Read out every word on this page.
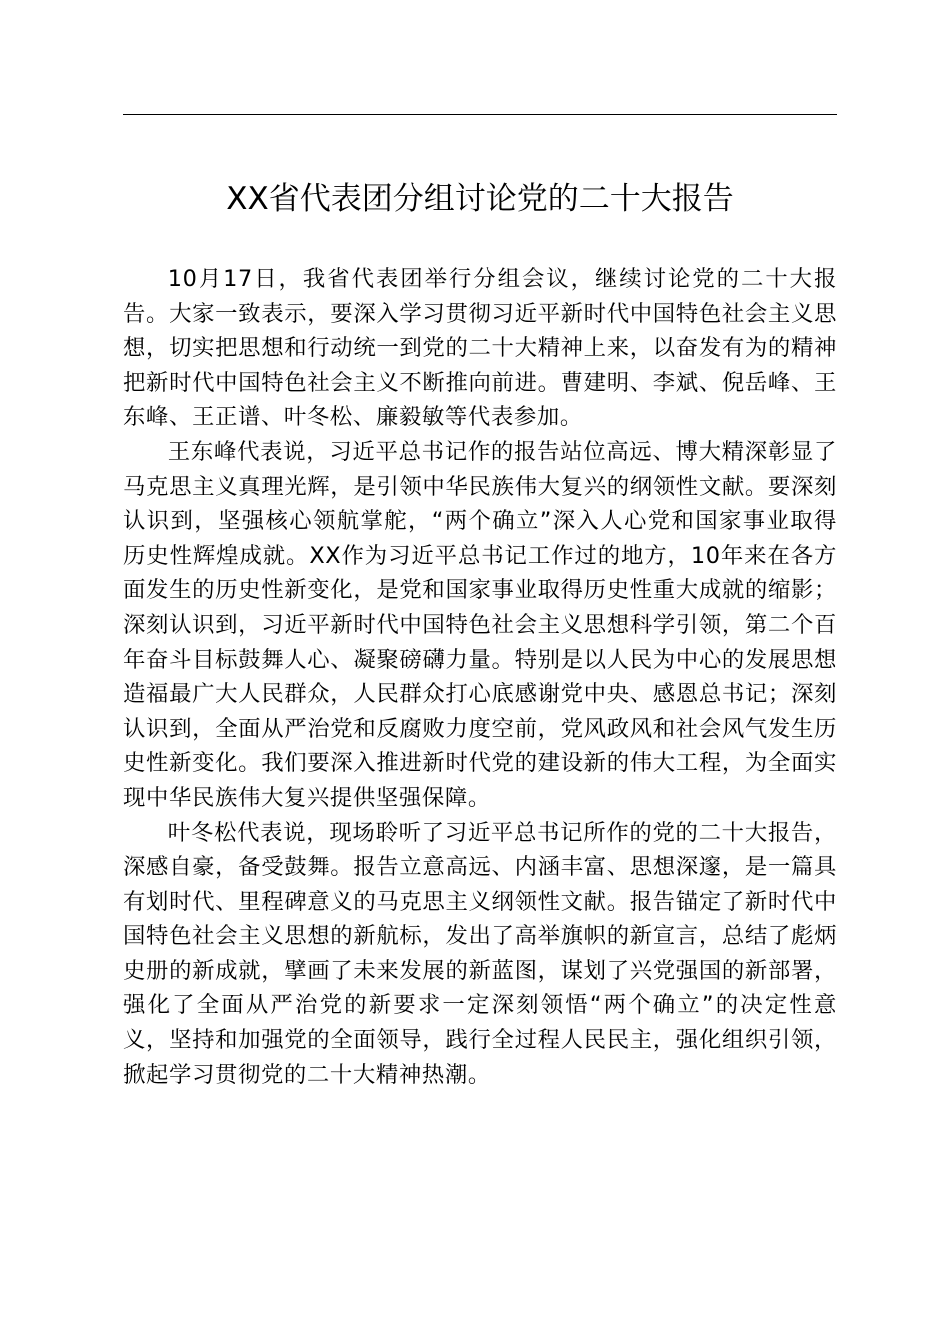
XX省代表团分组讨论党的二十大报告

10月17日，我省代表团举行分组会议，继续讨论党的二十大报告。大家一致表示，要深入学习贯彻习近平新时代中国特色社会主义思想，切实把思想和行动统一到党的二十大精神上来，以奋发有为的精神把新时代中国特色社会主义不断推向前进。曹建明、李斌、倪岳峰、王东峰、王正谱、叶冬松、廉毅敏等代表参加。

王东峰代表说，习近平总书记作的报告站位高远、博大精深彰显了马克思主义真理光辉，是引领中华民族伟大复兴的纲领性文献。要深刻认识到，坚强核心领航掌舵，“两个确立”深入人心党和国家事业取得历史性辉煌成就。XX作为习近平总书记工作过的地方，10年来在各方面发生的历史性新变化，是党和国家事业取得历史性重大成就的缩影；深刻认识到，习近平新时代中国特色社会主义思想科学引领，第二个百年奋斗目标鼓舞人心、凝聚磅礴力量。特别是以人民为中心的发展思想造福最广大人民群众，人民群众打心底感谢党中央、感恩总书记；深刻认识到，全面从严治党和反腐败力度空前，党风政风和社会风气发生历史性新变化。我们要深入推进新时代党的建设新的伟大工程，为全面实现中华民族伟大复兴提供坚强保障。

叶冬松代表说，现场聆听了习近平总书记所作的党的二十大报告，深感自豪，备受鼓舞。报告立意高远、内涵丰富、思想深邃，是一篇具有划时代、里程碑意义的马克思主义纲领性文献。报告锚定了新时代中国特色社会主义思想的新航标，发出了高举旗帜的新宣言，总结了彪炳史册的新成就，擘画了未来发展的新蓝图，谋划了兴党强国的新部署，强化了全面从严治党的新要求一定深刻领悟“两个确立”的决定性意义，坚持和加强党的全面领导，践行全过程人民民主，强化组织引领，掀起学习贯彻党的二十大精神热潮。
